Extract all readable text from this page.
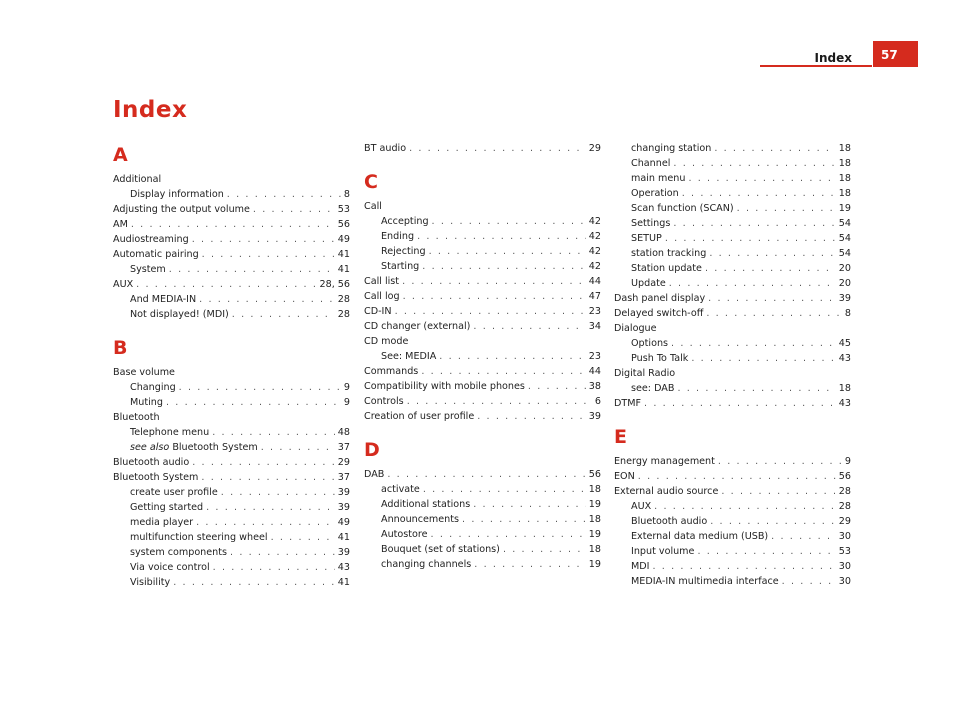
Index	57
Index
A
Additional
Display information . . .	8
Adjusting the output volume . . .	53
AM . . .	56
Audiostreaming . . .	49
Automatic pairing . . .	41
System . . .	41
AUX . . .	28, 56
And MEDIA-IN . . .	28
Not displayed! (MDI) . . .	28
B
Base volume
Changing . . .	9
Muting . . .	9
Bluetooth
Telephone menu . . .	48
see also Bluetooth System . . .	37
Bluetooth audio . . .	29
Bluetooth System . . .	37
create user profile . . .	39
Getting started . . .	39
media player . . .	49
multifunction steering wheel . . .	41
system components . . .	39
Via voice control . . .	43
Visibility . . .	41
BT audio . . .	29
C
Call
Accepting . . .	42
Ending . . .	42
Rejecting . . .	42
Starting . . .	42
Call list . . .	44
Call log . . .	47
CD-IN . . .	23
CD changer (external) . . .	34
CD mode
See: MEDIA . . .	23
Commands . . .	44
Compatibility with mobile phones . . .	38
Controls . . .	6
Creation of user profile . . .	39
D
DAB . . .	56
activate . . .	18
Additional stations . . .	19
Announcements . . .	18
Autostore . . .	19
Bouquet (set of stations) . . .	18
changing channels . . .	19
changing station . . .	18
Channel . . .	18
main menu . . .	18
Operation . . .	18
Scan function (SCAN) . . .	19
Settings . . .	54
SETUP . . .	54
station tracking . . .	54
Station update . . .	20
Update . . .	20
Dash panel display . . .	39
Delayed switch-off . . .	8
Dialogue
Options . . .	45
Push To Talk . . .	43
Digital Radio
see: DAB . . .	18
DTMF . . .	43
E
Energy management . . .	9
EON . . .	56
External audio source . . .	28
AUX . . .	28
Bluetooth audio . . .	29
External data medium (USB) . . .	30
Input volume . . .	53
MDI . . .	30
MEDIA-IN multimedia interface . . .	30
